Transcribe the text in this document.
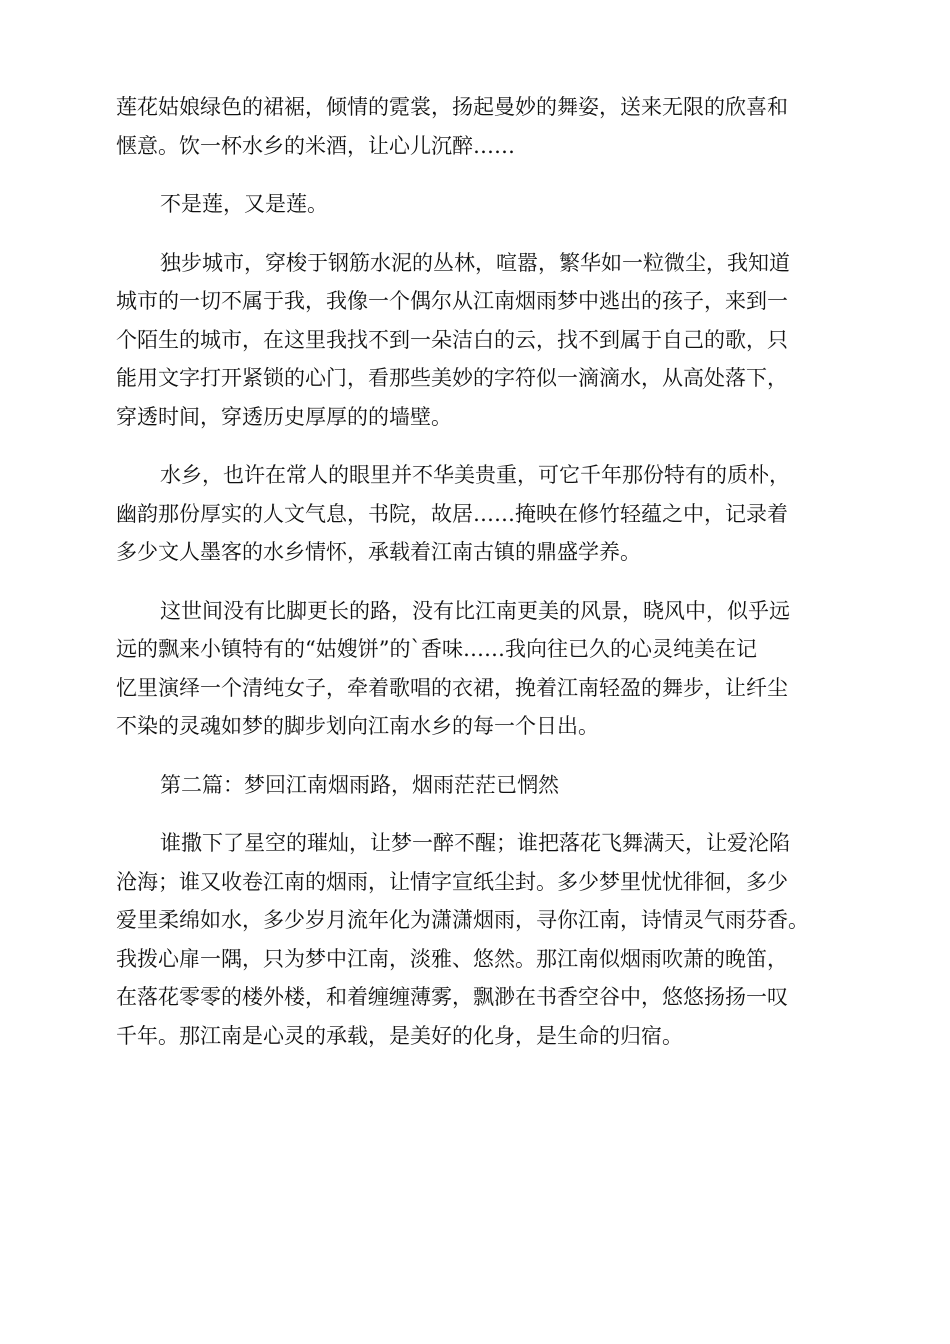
莲花姑娘绿色的裙裾，倾情的霓裳，扬起曼妙的舞姿，送来无限的欣喜和
惬意。饮一杯水乡的米酒，让心儿沉醉……
不是莲，又是莲。
独步城市，穿梭于钢筋水泥的丛林，喧嚣，繁华如一粒微尘，我知道
城市的一切不属于我，我像一个偶尔从江南烟雨梦中逃出的孩子，来到一
个陌生的城市，在这里我找不到一朵洁白的云，找不到属于自己的歌，只
能用文字打开紧锁的心门，看那些美妙的字符似一滴滴水，从高处落下，
穿透时间，穿透历史厚厚的的墙壁。
水乡，也许在常人的眼里并不华美贵重，可它千年那份特有的质朴，
幽韵那份厚实的人文气息，书院，故居……掩映在修竹轻蕴之中，记录着
多少文人墨客的水乡情怀，承载着江南古镇的鼎盛学养。
这世间没有比脚更长的路，没有比江南更美的风景，晓风中，似乎远
远的飘来小镇特有的“姑嫂饼”的`香味……我向往已久的心灵纯美在记
忆里演绎一个清纯女子，牵着歌唱的衣裙，挽着江南轻盈的舞步，让纤尘
不染的灵魂如梦的脚步划向江南水乡的每一个日出。
第二篇：梦回江南烟雨路，烟雨茫茫已惘然
谁撒下了星空的璀灿，让梦一醉不醒；谁把落花飞舞满天，让爱沦陷
沧海；谁又收卷江南的烟雨，让情字宣纸尘封。多少梦里忧忧徘徊，多少
爱里柔绵如水，多少岁月流年化为潇潇烟雨，寻你江南，诗情灵气雨芬香。
我拨心扉一隅，只为梦中江南，淡雅、悠然。那江南似烟雨吹萧的晚笛，
在落花零零的楼外楼，和着缠缠薄雾，飘渺在书香空谷中，悠悠扬扬一叹
千年。那江南是心灵的承载，是美好的化身，是生命的归宿。
